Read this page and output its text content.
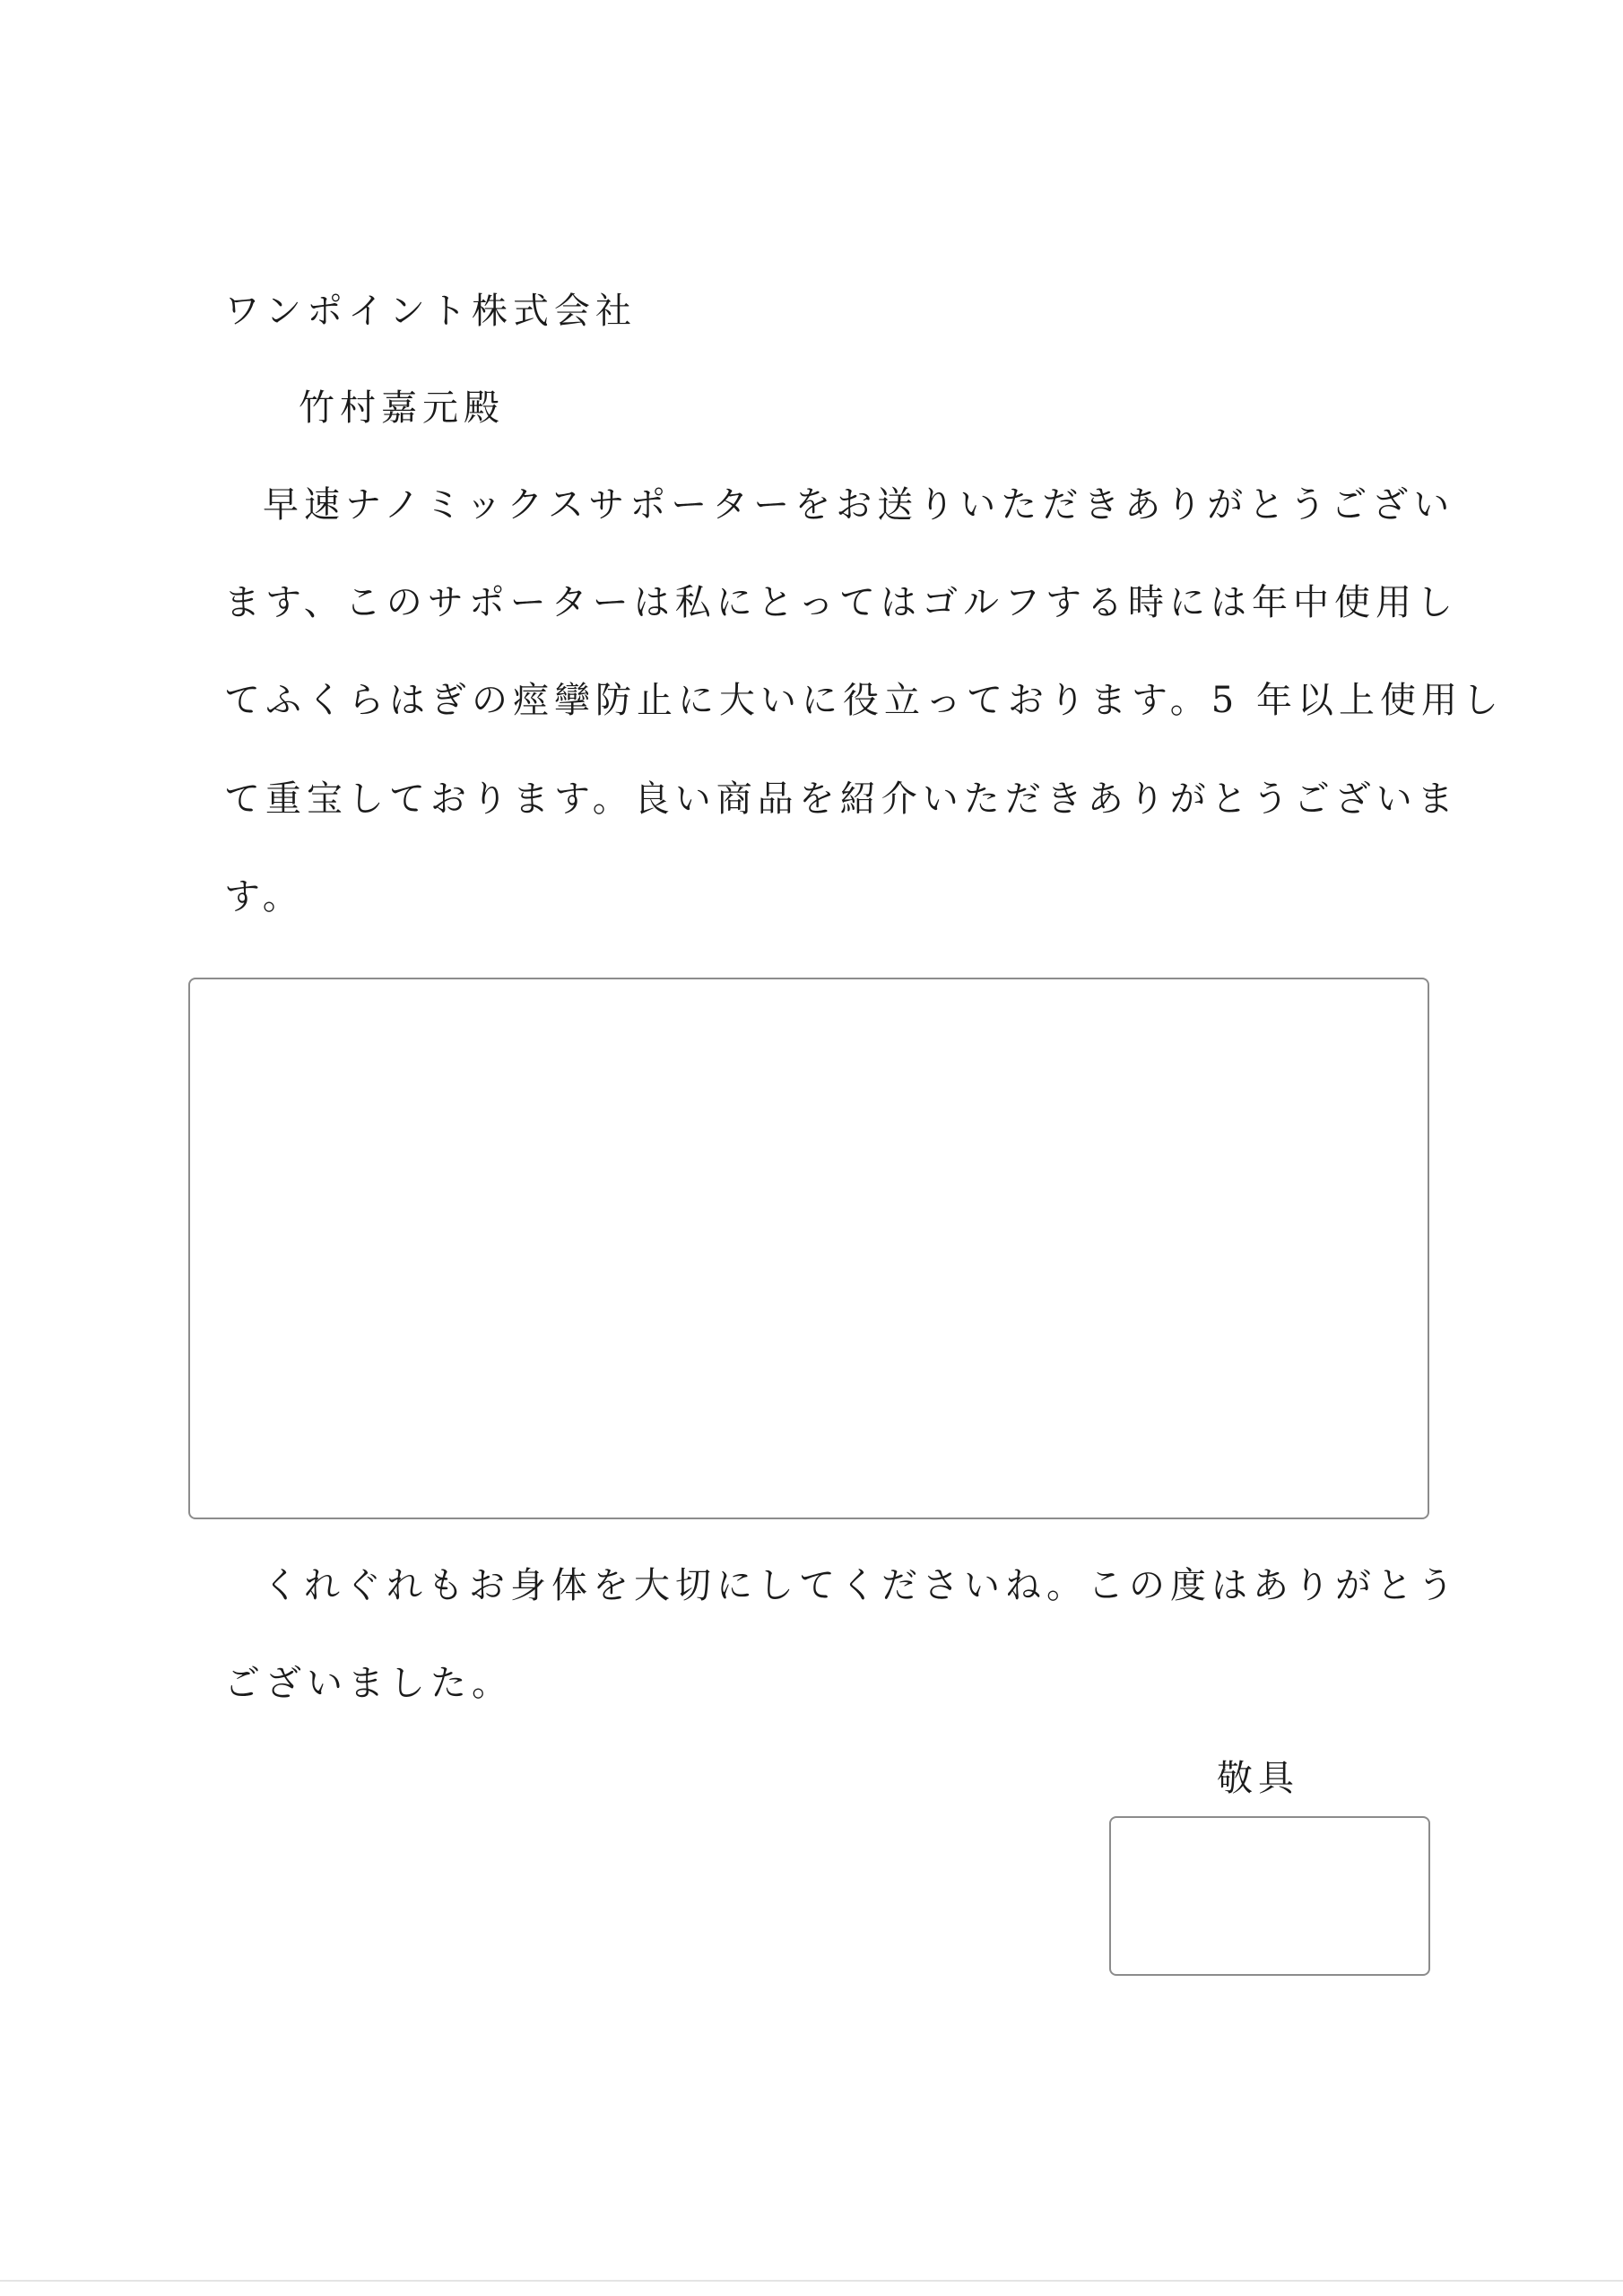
ワンポイント株式会社
竹村嘉元殿
早速ナノミックスサポーターをお送りいただきありがとうござい
ます、このサポーターは私にとってはゴルフする時には年中使用し
てふくらはぎの痙攣防止に大いに役立っております。5 年以上使用し
て重宝しております。良い商品を紹介いただきありがとうございま
す。
くれぐれもお身体を大切にしてくださいね。この度はありがとう
ございました。
敬具
